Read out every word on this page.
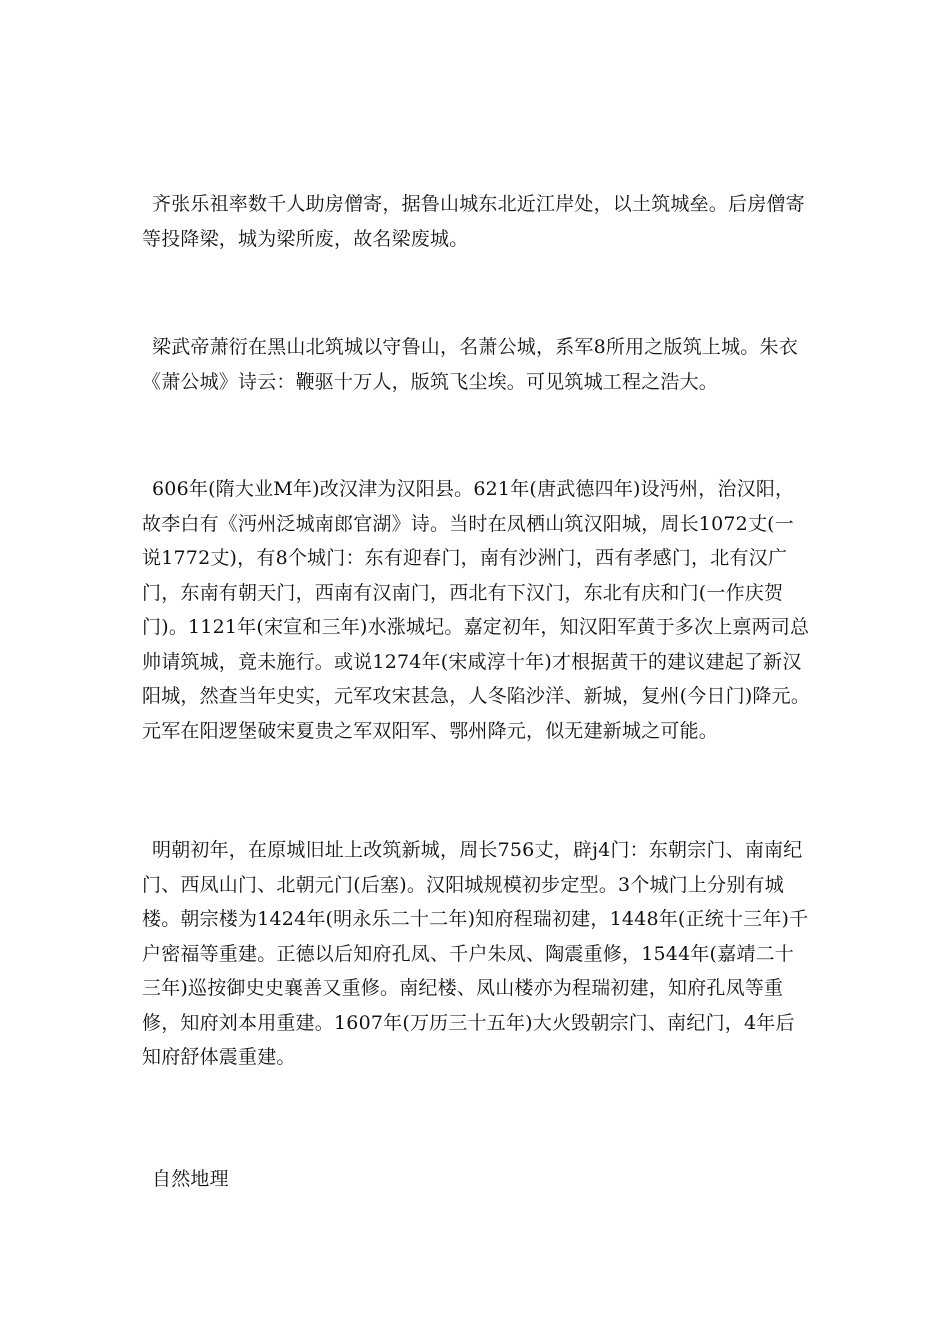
齐张乐祖率数千人助房僧寄，据鲁山城东北近江岸处，以土筑城垒。后房僧寄等投降梁，城为梁所废，故名梁废城。

梁武帝萧衍在黑山北筑城以守鲁山，名萧公城，系军8所用之版筑上城。朱衣《萧公城》诗云：鞭驱十万人，版筑飞尘埃。可见筑城工程之浩大。

606年(隋大业M年)改汉津为汉阳县。621年(唐武德四年)设沔州，治汉阳，故李白有《沔州泛城南郎官湖》诗。当时在凤栖山筑汉阳城，周长1072丈(一说1772丈)，有8个城门：东有迎春门，南有沙洲门，西有孝感门，北有汉广门，东南有朝天门，西南有汉南门，西北有下汉门，东北有庆和门(一作庆贺门)。1121年(宋宣和三年)水涨城圮。嘉定初年，知汉阳军黄于多次上禀两司总帅请筑城，竟未施行。或说1274年(宋咸淳十年)才根据黄干的建议建起了新汉阳城，然查当年史实，元军攻宋甚急，人冬陷沙洋、新城，复州(今日门)降元。元军在阳逻堡破宋夏贵之军双阳军、鄂州降元，似无建新城之可能。

明朝初年，在原城旧址上改筑新城，周长756丈，辟j4门：东朝宗门、南南纪门、西凤山门、北朝元门(后塞)。汉阳城规模初步定型。3个城门上分别有城楼。朝宗楼为1424年(明永乐二十二年)知府程瑞初建，1448年(正统十三年)千户密福等重建。正德以后知府孔凤、千户朱凤、陶震重修，1544年(嘉靖二十三年)巡按御史史襄善又重修。南纪楼、凤山楼亦为程瑞初建，知府孔凤等重修，知府刘本用重建。1607年(万历三十五年)大火毁朝宗门、南纪门，4年后知府舒体震重建。

自然地理
